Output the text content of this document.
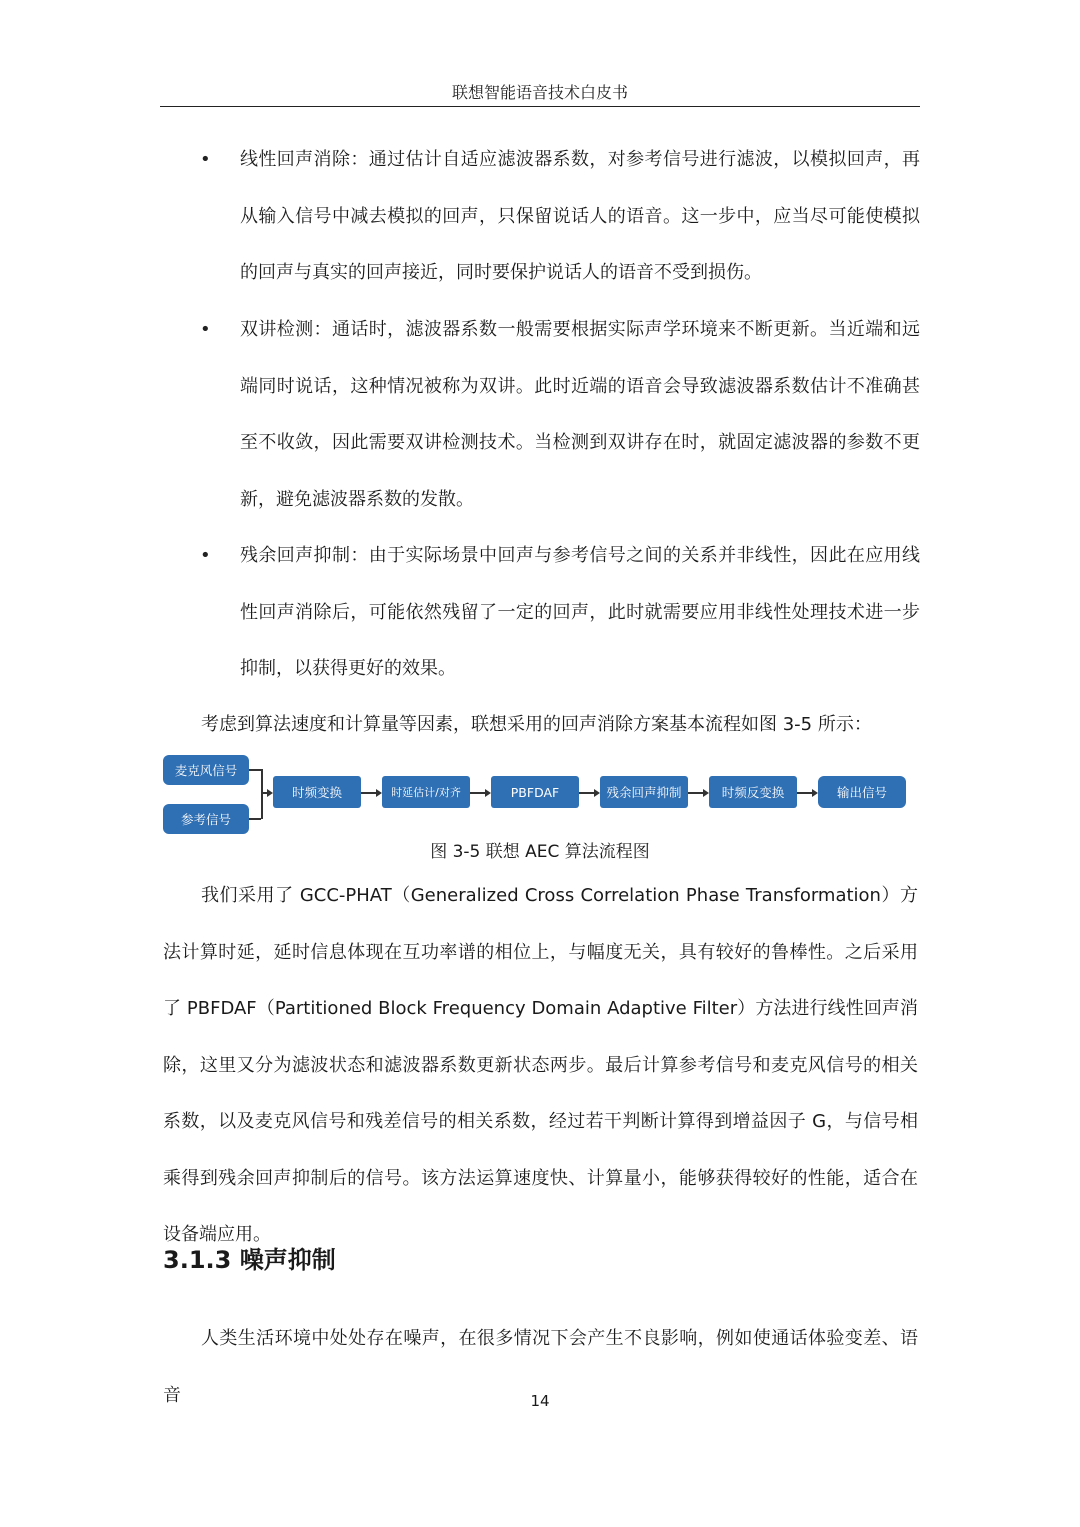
联想智能语音技术白皮书
• 线性回声消除：通过估计自适应滤波器系数，对参考信号进行滤波，以模拟回声，再从输入信号中减去模拟的回声，只保留说话人的语音。这一步中，应当尽可能使模拟的回声与真实的回声接近，同时要保护说话人的语音不受到损伤。
• 双讲检测：通话时，滤波器系数一般需要根据实际声学环境来不断更新。当近端和远端同时说话，这种情况被称为双讲。此时近端的语音会导致滤波器系数估计不准确甚至不收敛，因此需要双讲检测技术。当检测到双讲存在时，就固定滤波器的参数不更新，避免滤波器系数的发散。
• 残余回声抑制：由于实际场景中回声与参考信号之间的关系并非线性，因此在应用线性回声消除后，可能依然残留了一定的回声，此时就需要应用非线性处理技术进一步抑制，以获得更好的效果。
考虑到算法速度和计算量等因素，联想采用的回声消除方案基本流程如图 3-5 所示：
麦克风信号
参考信号
时频变换	时延估计/对齐	PBFDAF	残余回声抑制	时频反变换	输出信号
图 3-5 联想 AEC 算法流程图
我们采用了 GCC-PHAT（Generalized Cross Correlation Phase Transformation）方法计算时延，延时信息体现在互功率谱的相位上，与幅度无关，具有较好的鲁棒性。之后采用了 PBFDAF（Partitioned Block Frequency Domain Adaptive Filter）方法进行线性回声消除，这里又分为滤波状态和滤波器系数更新状态两步。最后计算参考信号和麦克风信号的相关系数，以及麦克风信号和残差信号的相关系数，经过若干判断计算得到增益因子 G，与信号相乘得到残余回声抑制后的信号。该方法运算速度快、计算量小，能够获得较好的性能，适合在设备端应用。
3.1.3 噪声抑制
人类生活环境中处处存在噪声，在很多情况下会产生不良影响，例如使通话体验变差、语音	14
